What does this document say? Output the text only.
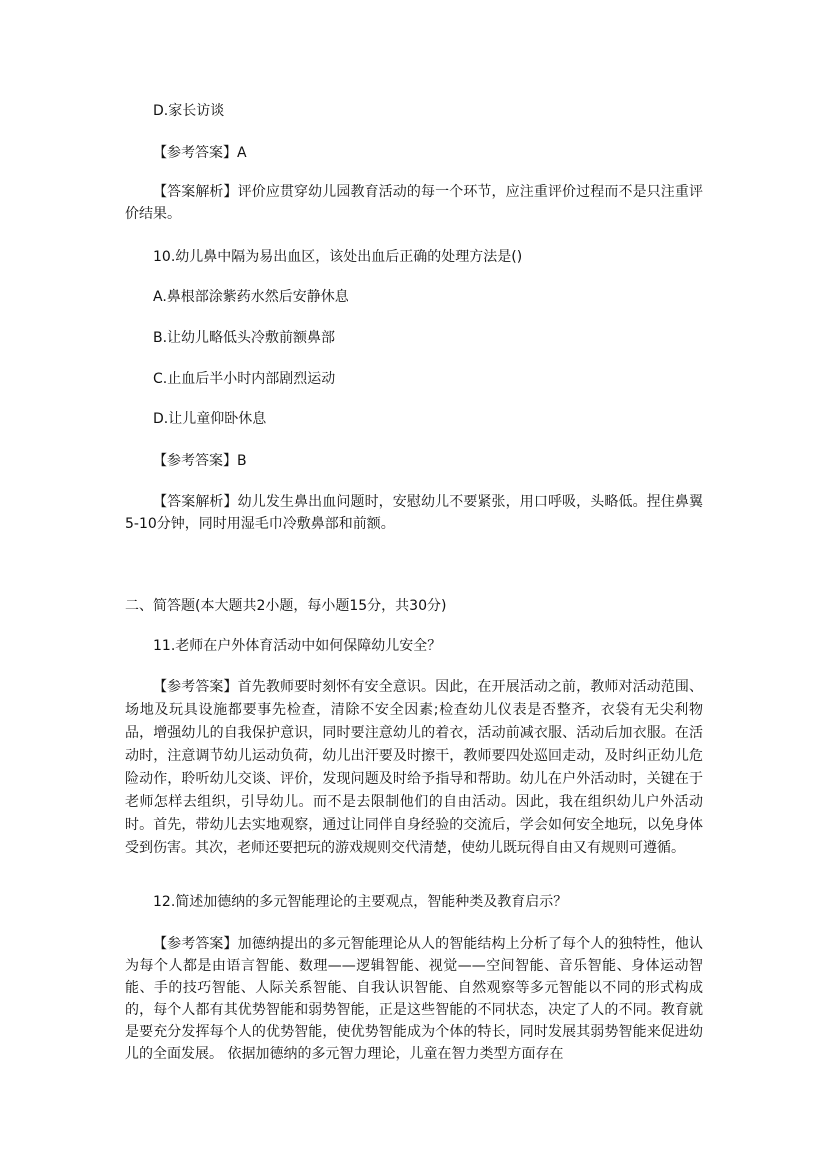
D.家长访谈
【参考答案】A
【答案解析】评价应贯穿幼儿园教育活动的每一个环节，应注重评价过程而不是只注重评价结果。
10.幼儿鼻中隔为易出血区，该处出血后正确的处理方法是()
A.鼻根部涂紫药水然后安静休息
B.让幼儿略低头冷敷前额鼻部
C.止血后半小时内部剧烈运动
D.让儿童仰卧休息
【参考答案】B
【答案解析】幼儿发生鼻出血问题时，安慰幼儿不要紧张，用口呼吸，头略低。捏住鼻翼5-10分钟，同时用湿毛巾冷敷鼻部和前额。
二、简答题(本大题共2小题，每小题15分，共30分)
11.老师在户外体育活动中如何保障幼儿安全？
【参考答案】首先教师要时刻怀有安全意识。因此，在开展活动之前，教师对活动范围、场地及玩具设施都要事先检查，清除不安全因素;检查幼儿仪表是否整齐，衣袋有无尖利物品，增强幼儿的自我保护意识，同时要注意幼儿的着衣，活动前减衣服、活动后加衣服。在活动时，注意调节幼儿运动负荷，幼儿出汗要及时擦干，教师要四处巡回走动，及时纠正幼儿危险动作，聆听幼儿交谈、评价，发现问题及时给予指导和帮助。幼儿在户外活动时，关键在于老师怎样去组织，引导幼儿。而不是去限制他们的自由活动。因此，我在组织幼儿户外活动时。首先，带幼儿去实地观察，通过让同伴自身经验的交流后，学会如何安全地玩，以免身体受到伤害。其次，老师还要把玩的游戏规则交代清楚，使幼儿既玩得自由又有规则可遵循。
12.简述加德纳的多元智能理论的主要观点，智能种类及教育启示？
【参考答案】加德纳提出的多元智能理论从人的智能结构上分析了每个人的独特性，他认为每个人都是由语言智能、数理——逻辑智能、视觉——空间智能、音乐智能、身体运动智能、手的技巧智能、人际关系智能、自我认识智能、自然观察等多元智能以不同的形式构成的，每个人都有其优势智能和弱势智能，正是这些智能的不同状态，决定了人的不同。教育就是要充分发挥每个人的优势智能，使优势智能成为个体的特长，同时发展其弱势智能来促进幼儿的全面发展。 依据加德纳的多元智力理论，儿童在智力类型方面存在
